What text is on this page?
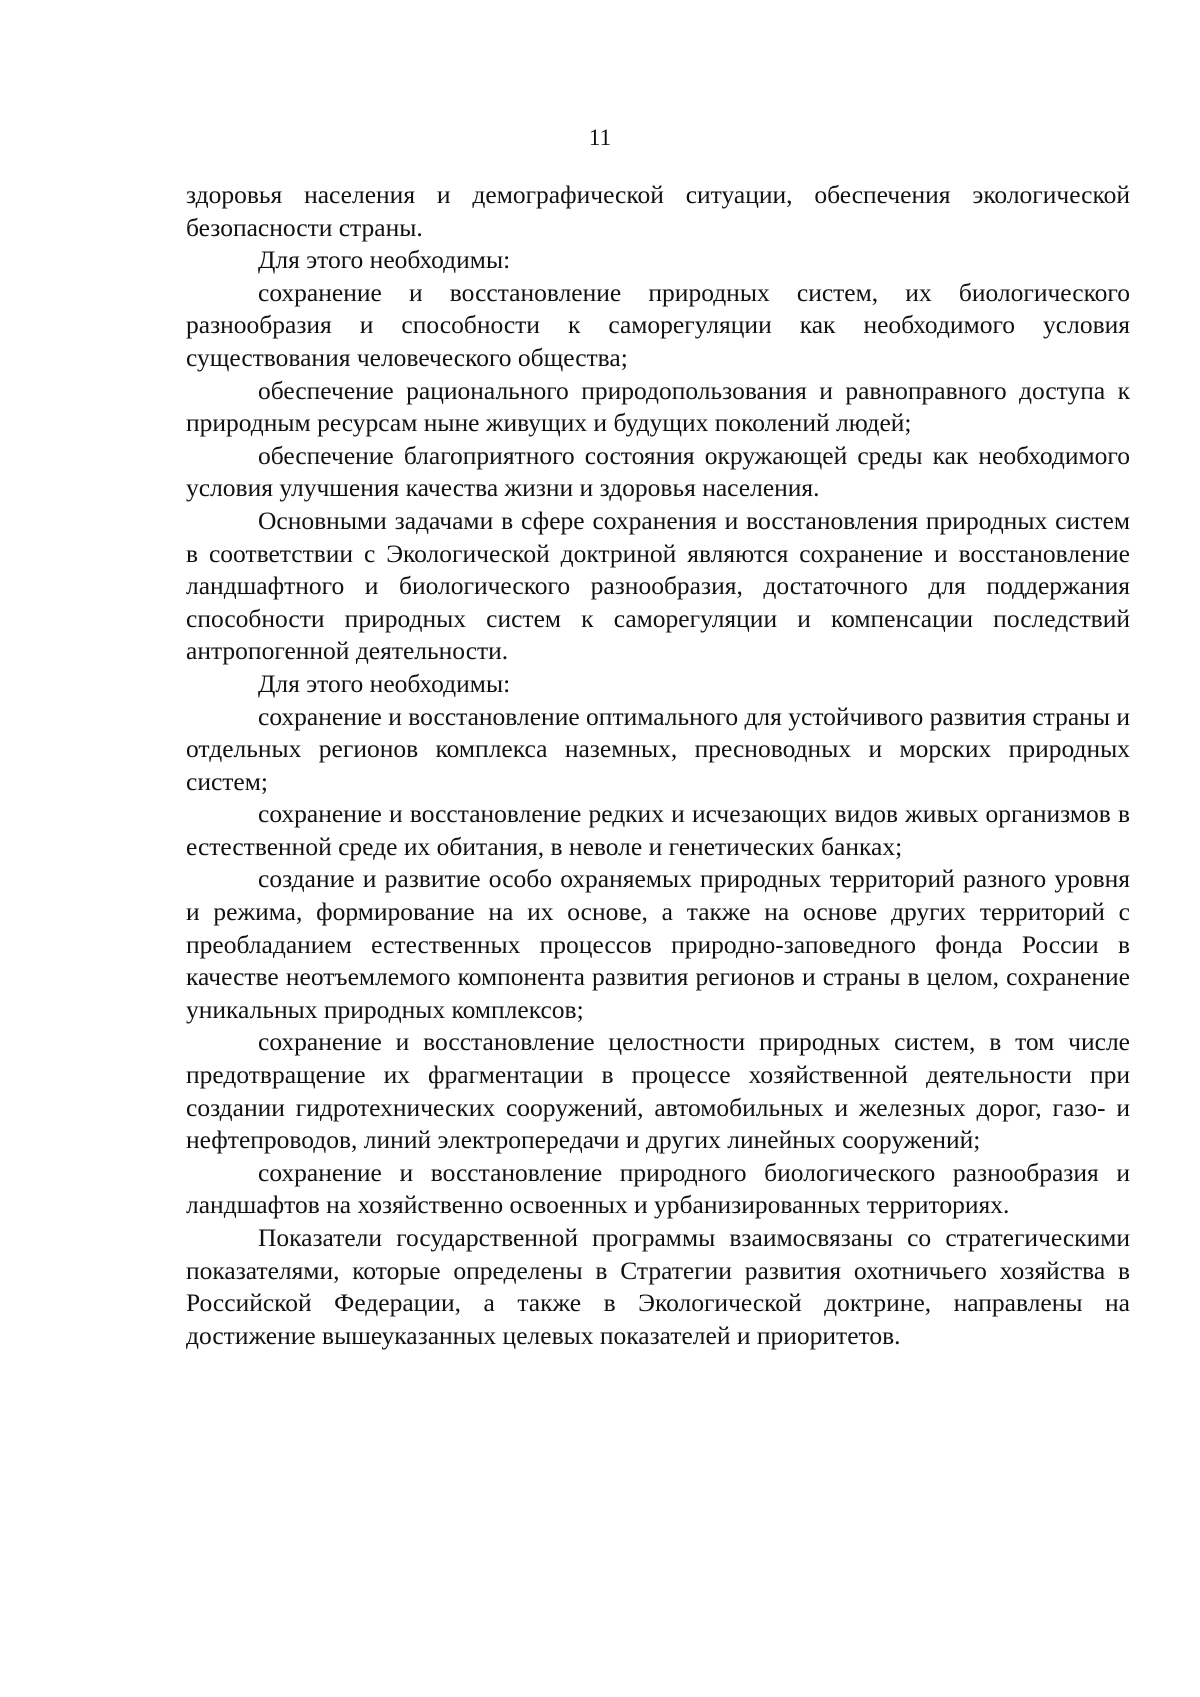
11

здоровья населения и демографической ситуации, обеспечения экологической безопасности страны.

Для этого необходимы:

сохранение и восстановление природных систем, их биологического разнообразия и способности к саморегуляции как необходимого условия существования человеческого общества;

обеспечение рационального природопользования и равноправного доступа к природным ресурсам ныне живущих и будущих поколений людей;

обеспечение благоприятного состояния окружающей среды как необходимого условия улучшения качества жизни и здоровья населения.

Основными задачами в сфере сохранения и восстановления природных систем в соответствии с Экологической доктриной являются сохранение и восстановление ландшафтного и биологического разнообразия, достаточного для поддержания способности природных систем к саморегуляции и компенсации последствий антропогенной деятельности.

Для этого необходимы:

сохранение и восстановление оптимального для устойчивого развития страны и отдельных регионов комплекса наземных, пресноводных и морских природных систем;

сохранение и восстановление редких и исчезающих видов живых организмов в естественной среде их обитания, в неволе и генетических банках;

создание и развитие особо охраняемых природных территорий разного уровня и режима, формирование на их основе, а также на основе других территорий с преобладанием естественных процессов природно-заповедного фонда России в качестве неотъемлемого компонента развития регионов и страны в целом, сохранение уникальных природных комплексов;

сохранение и восстановление целостности природных систем, в том числе предотвращение их фрагментации в процессе хозяйственной деятельности при создании гидротехнических сооружений, автомобильных и железных дорог, газо- и нефтепроводов, линий электропередачи и других линейных сооружений;

сохранение и восстановление природного биологического разнообразия и ландшафтов на хозяйственно освоенных и урбанизированных территориях.

Показатели государственной программы взаимосвязаны со стратегическими показателями, которые определены в Стратегии развития охотничьего хозяйства в Российской Федерации, а также в Экологической доктрине, направлены на достижение вышеуказанных целевых показателей и приоритетов.
